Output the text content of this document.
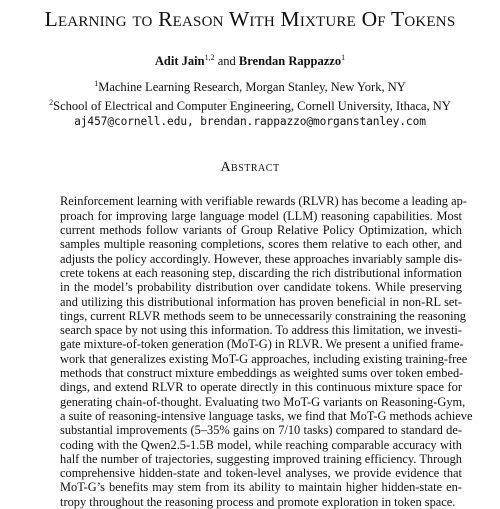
Learning to Reason With Mixture Of Tokens
Adit Jain$^{1,2}$ and Brendan Rappazzo$^1$
$^1$Machine Learning Research, Morgan Stanley, New York, NY
$^2$School of Electrical and Computer Engineering, Cornell University, Ithaca, NY
aj457@cornell.edu, brendan.rappazzo@morganstanley.com
Abstract
Reinforcement learning with verifiable rewards (RLVR) has become a leading ap-
proach for improving large language model (LLM) reasoning capabilities. Most
current methods follow variants of Group Relative Policy Optimization, which
samples multiple reasoning completions, scores them relative to each other, and
adjusts the policy accordingly. However, these approaches invariably sample dis-
crete tokens at each reasoning step, discarding the rich distributional information
in the model’s probability distribution over candidate tokens. While preserving
and utilizing this distributional information has proven beneficial in non-RL set-
tings, current RLVR methods seem to be unnecessarily constraining the reasoning
search space by not using this information. To address this limitation, we investi-
gate mixture-of-token generation (MoT-G) in RLVR. We present a unified frame-
work that generalizes existing MoT-G approaches, including existing training-free
methods that construct mixture embeddings as weighted sums over token embed-
dings, and extend RLVR to operate directly in this continuous mixture space for
generating chain-of-thought. Evaluating two MoT-G variants on Reasoning-Gym,
a suite of reasoning-intensive language tasks, we find that MoT-G methods achieve
substantial improvements (5–35% gains on 7/10 tasks) compared to standard de-
coding with the Qwen2.5-1.5B model, while reaching comparable accuracy with
half the number of trajectories, suggesting improved training efficiency. Through
comprehensive hidden-state and token-level analyses, we provide evidence that
MoT-G’s benefits may stem from its ability to maintain higher hidden-state en-
tropy throughout the reasoning process and promote exploration in token space.
